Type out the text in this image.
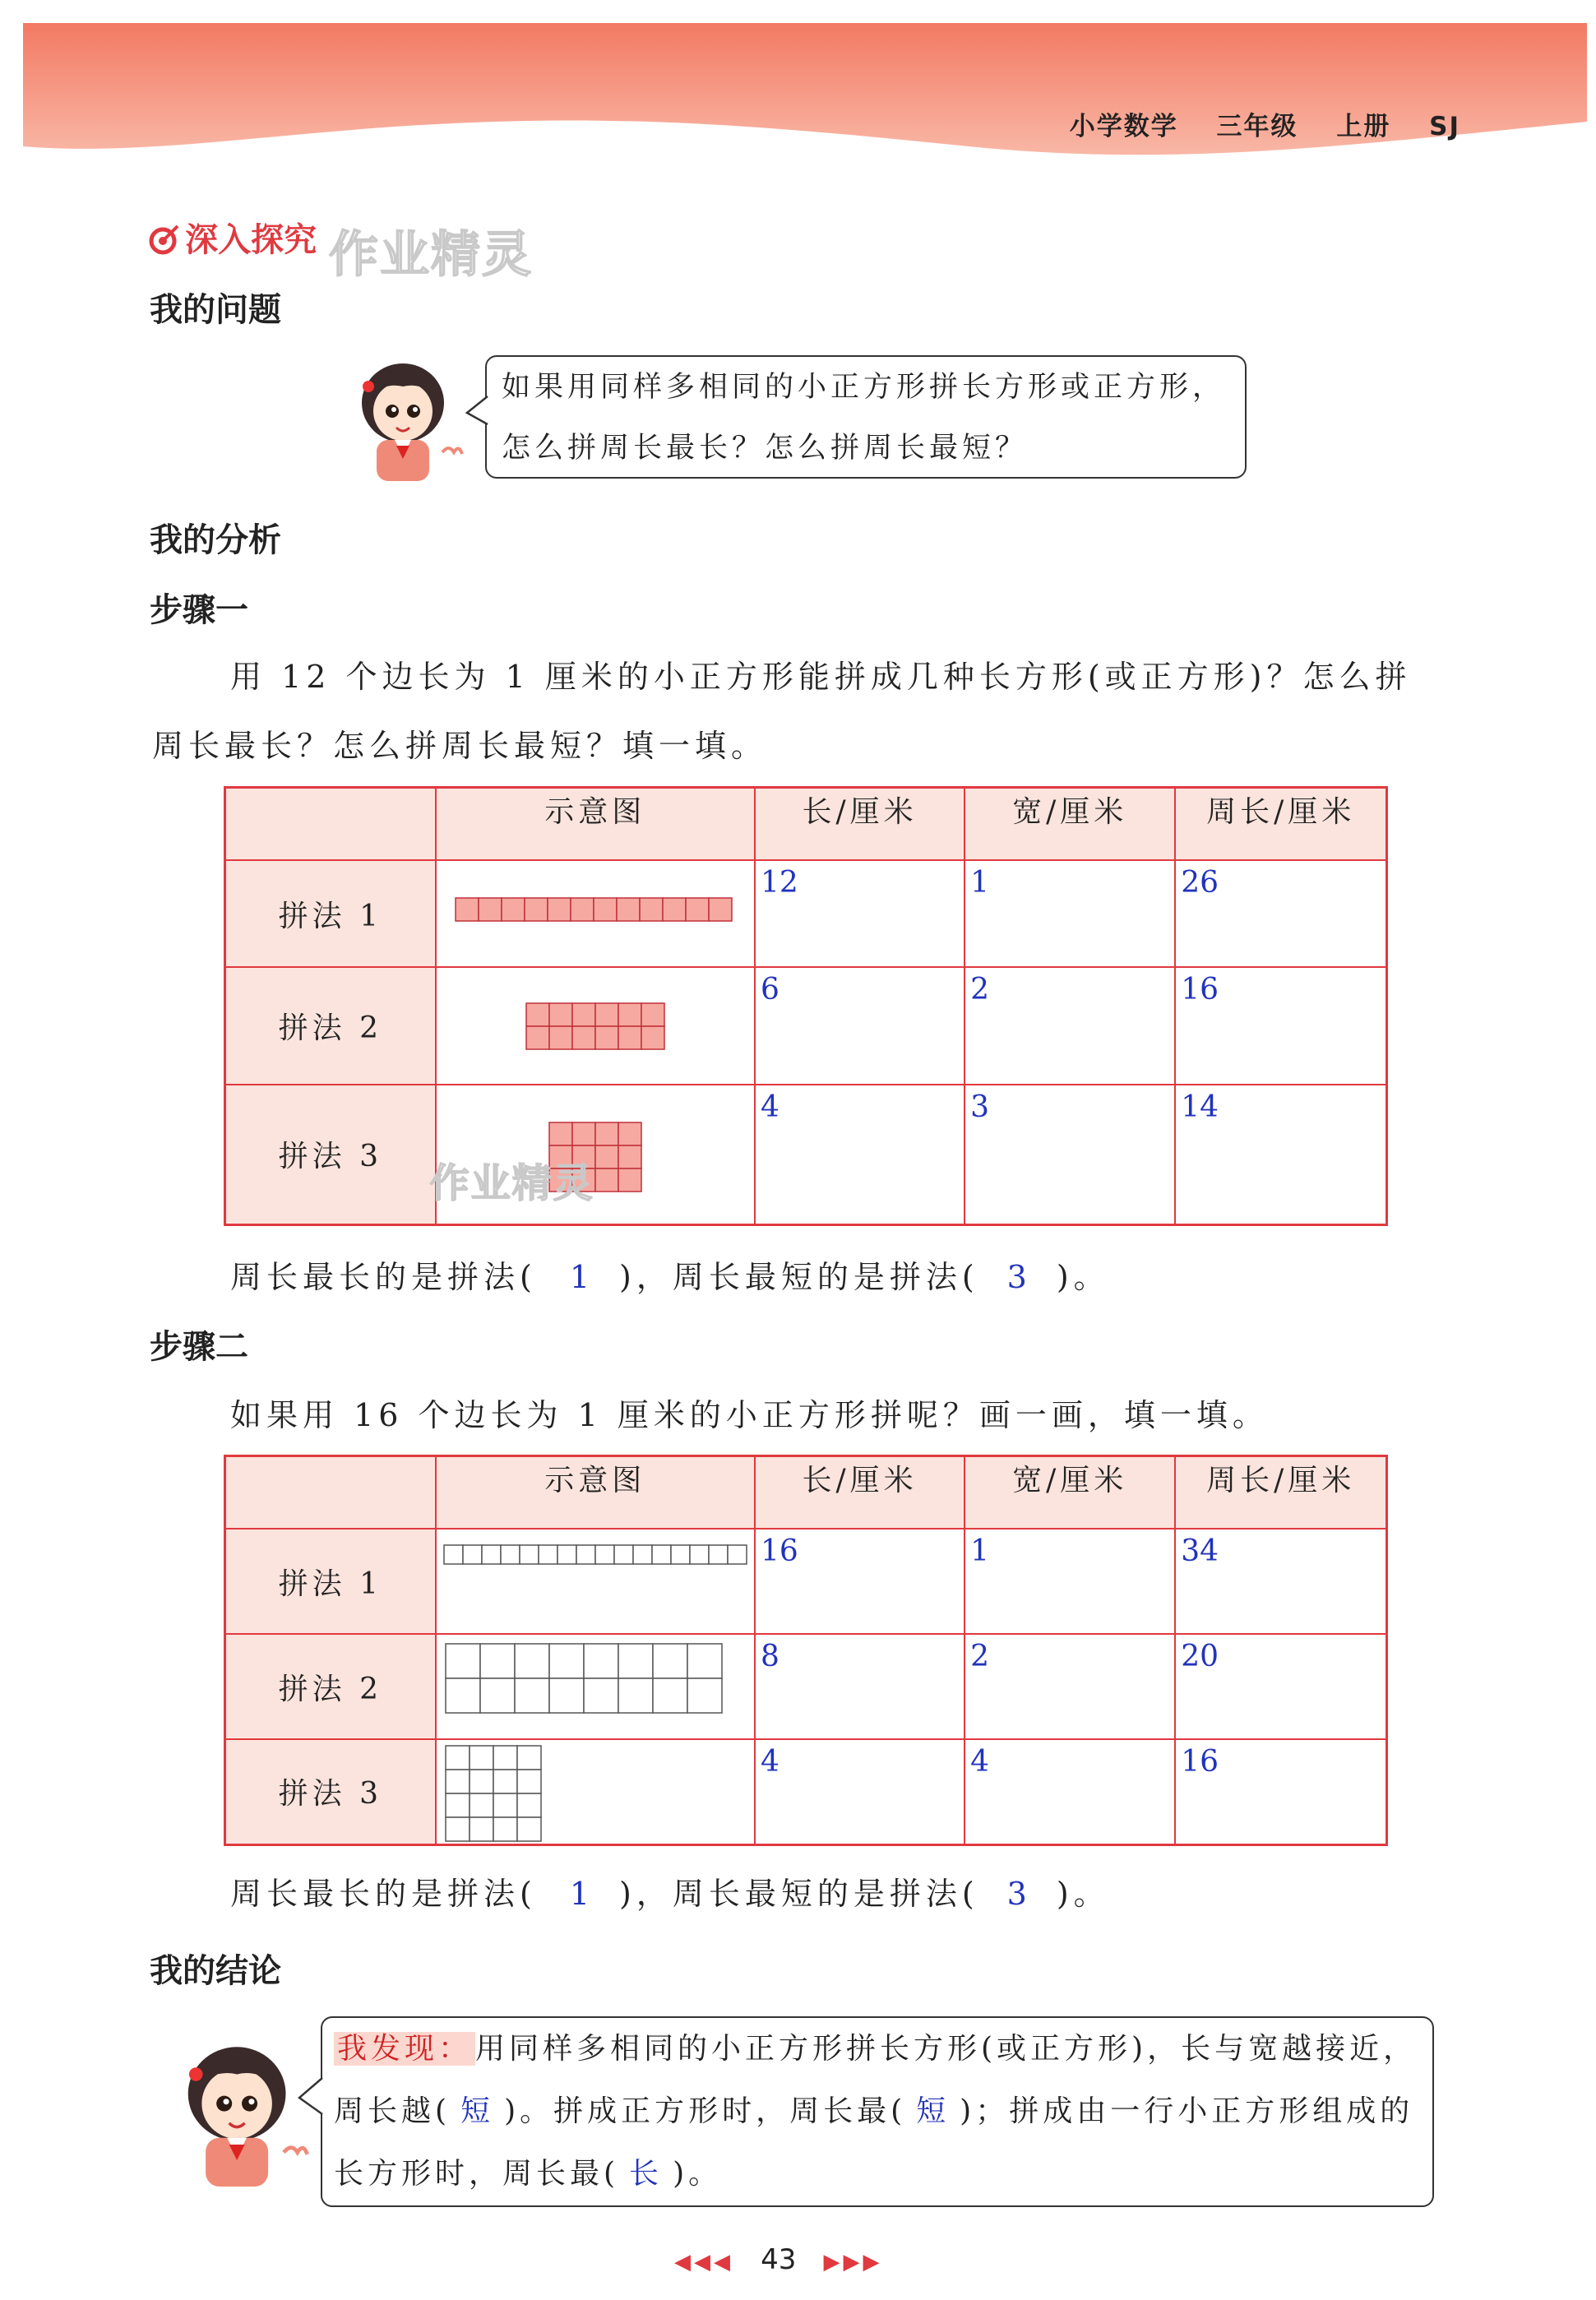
小学数学 三年级 上册 SJ
深入探究 作业精灵
我的问题
如果用同样多相同的小正方形拼长方形或正方形，
怎么拼周长最长？怎么拼周长最短？
我的分析
步骤一
用 12 个边长为 1 厘米的小正方形能拼成几种长方形(或正方形)？怎么拼
周长最长？怎么拼周长最短？填一填。
	示意图	长/厘米	宽/厘米	周长/厘米
拼法 1		12	1	26

拼法 2		6	2	16

拼法 3	作业精灵	4	3	14
周长最长的是拼法( 1 )，周长最短的是拼法( 3 )。
步骤二
如果用 16 个边长为 1 厘米的小正方形拼呢？画一画，填一填。
	示意图	长/厘米	宽/厘米	周长/厘米
拼法 1		16	1	34

拼法 2		8	2	20

拼法 3		4	4	16
周长最长的是拼法( 1 )，周长最短的是拼法( 3 )。
我的结论
我发现： 用同样多相同的小正方形拼长方形(或正方形)，长与宽越接近，
周长越( 短 )。拼成正方形时，周长最( 短 )；拼成由一行小正方形组成的
长方形时，周长最( 长 )。
◀◀◀ 43 ▶▶▶
